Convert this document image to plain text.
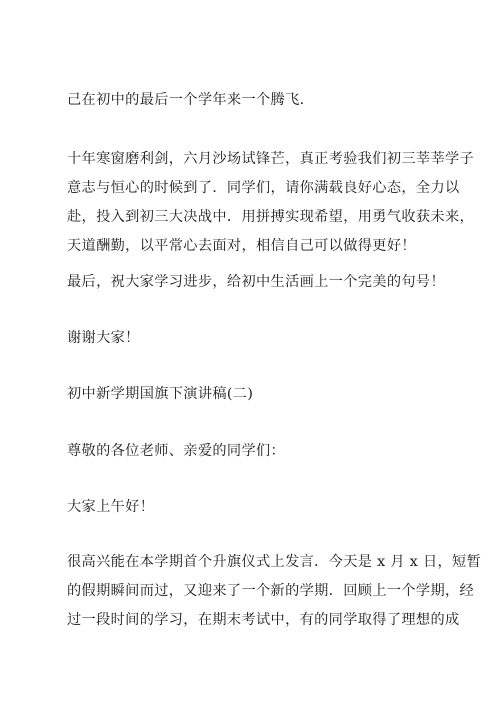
己在初中的最后一个学年来一个腾飞.
十年寒窗磨利剑，六月沙场试锋芒，真正考验我们初三莘莘学子
意志与恒心的时候到了．同学们，请你满载良好心态，全力以
赴，投入到初三大决战中．用拼搏实现希望，用勇气收获未来，
天道酬勤，以平常心去面对，相信自己可以做得更好！
最后，祝大家学习进步，给初中生活画上一个完美的句号！
谢谢大家！
初中新学期国旗下演讲稿(二)
尊敬的各位老师、亲爱的同学们：
大家上午好！
很高兴能在本学期首个升旗仪式上发言．今天是 x 月 x 日，短暂
的假期瞬间而过，又迎来了一个新的学期．回顾上一个学期，经
过一段时间的学习，在期末考试中，有的同学取得了理想的成
